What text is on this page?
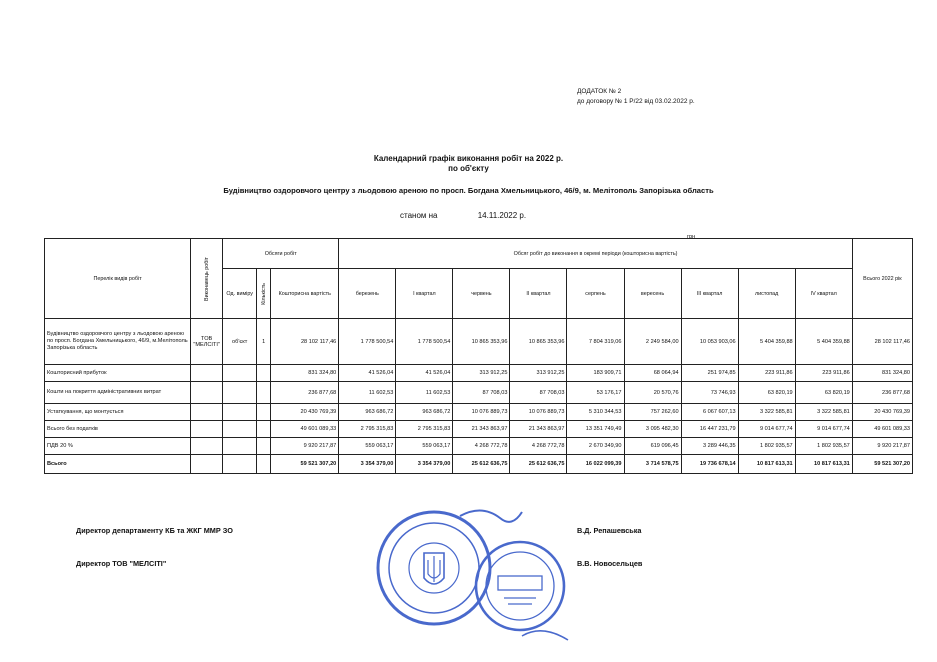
ДОДАТОК № 2
до договору № 1 Р/22 від 03.02.2022 р.
Календарний графік виконання робіт на 2022 р.
по об'єкту
Будівництво оздоровчого центру з льодовою ареною по просп. Богдана Хмельницького, 46/9, м. Мелітополь Запорізька область
станом на	14.11.2022 р.
грн
Перелік видів робіт	Виконавець робіт	Обсяги робіт			Обсяг робіт до виконання в окремі періоди (кошторисна вартість)									Всього 2022 рік
		Од. виміру	Кількість	Кошторисна вартість	березень	І квартал	червень	ІІ квартал	серпень	вересень	ІІІ квартал	листопад	ІV квартал	
Будівництво оздоровчого центру з льодовою ареною по просп. Богдана Хмельницького, 46/9, м.Мелітополь Запорізька область	ТОВ "МЕЛСІТІ"	об'єкт	1	28 102 117,46	1 778 500,54	1 778 500,54	10 865 353,96	10 865 353,96	7 804 319,06	2 249 584,00	10 053 903,06	5 404 359,88	5 404 359,88	28 102 117,46
Кошторисний прибуток				831 324,80	41 526,04	41 526,04	313 912,25	313 912,25	183 909,71	68 064,94	251 974,85	223 911,86	223 911,86	831 324,80
Кошти на покриття адміністративних витрат				236 877,68	11 602,53	11 602,53	87 708,03	87 708,03	53 176,17	20 570,76	73 746,93	63 820,19	63 820,19	236 877,68
Устаткування, що монтується				20 430 769,39	963 686,72	963 686,72	10 076 889,73	10 076 889,73	5 310 344,53	757 262,60	6 067 607,13	3 322 585,81	3 322 585,81	20 430 769,39
Всього без податків				49 601 089,33	2 795 315,83	2 795 315,83	21 343 863,97	21 343 863,97	13 351 749,49	3 095 482,30	16 447 231,79	9 014 677,74	9 014 677,74	49 601 089,33
ПДВ 20 %				9 920 217,87	559 063,17	559 063,17	4 268 772,78	4 268 772,78	2 670 349,90	619 096,45	3 289 446,35	1 802 935,57	1 802 935,57	9 920 217,87
Всього				59 521 307,20	3 354 379,00	3 354 379,00	25 612 636,75	25 612 636,75	16 022 099,39	3 714 578,75	19 736 678,14	10 817 613,31	10 817 613,31	59 521 307,20
Директор департаменту КБ та ЖКГ ММР ЗО
Директор ТОВ "МЕЛСІТІ"
В.Д. Репашевська
В.В. Новосельцев
